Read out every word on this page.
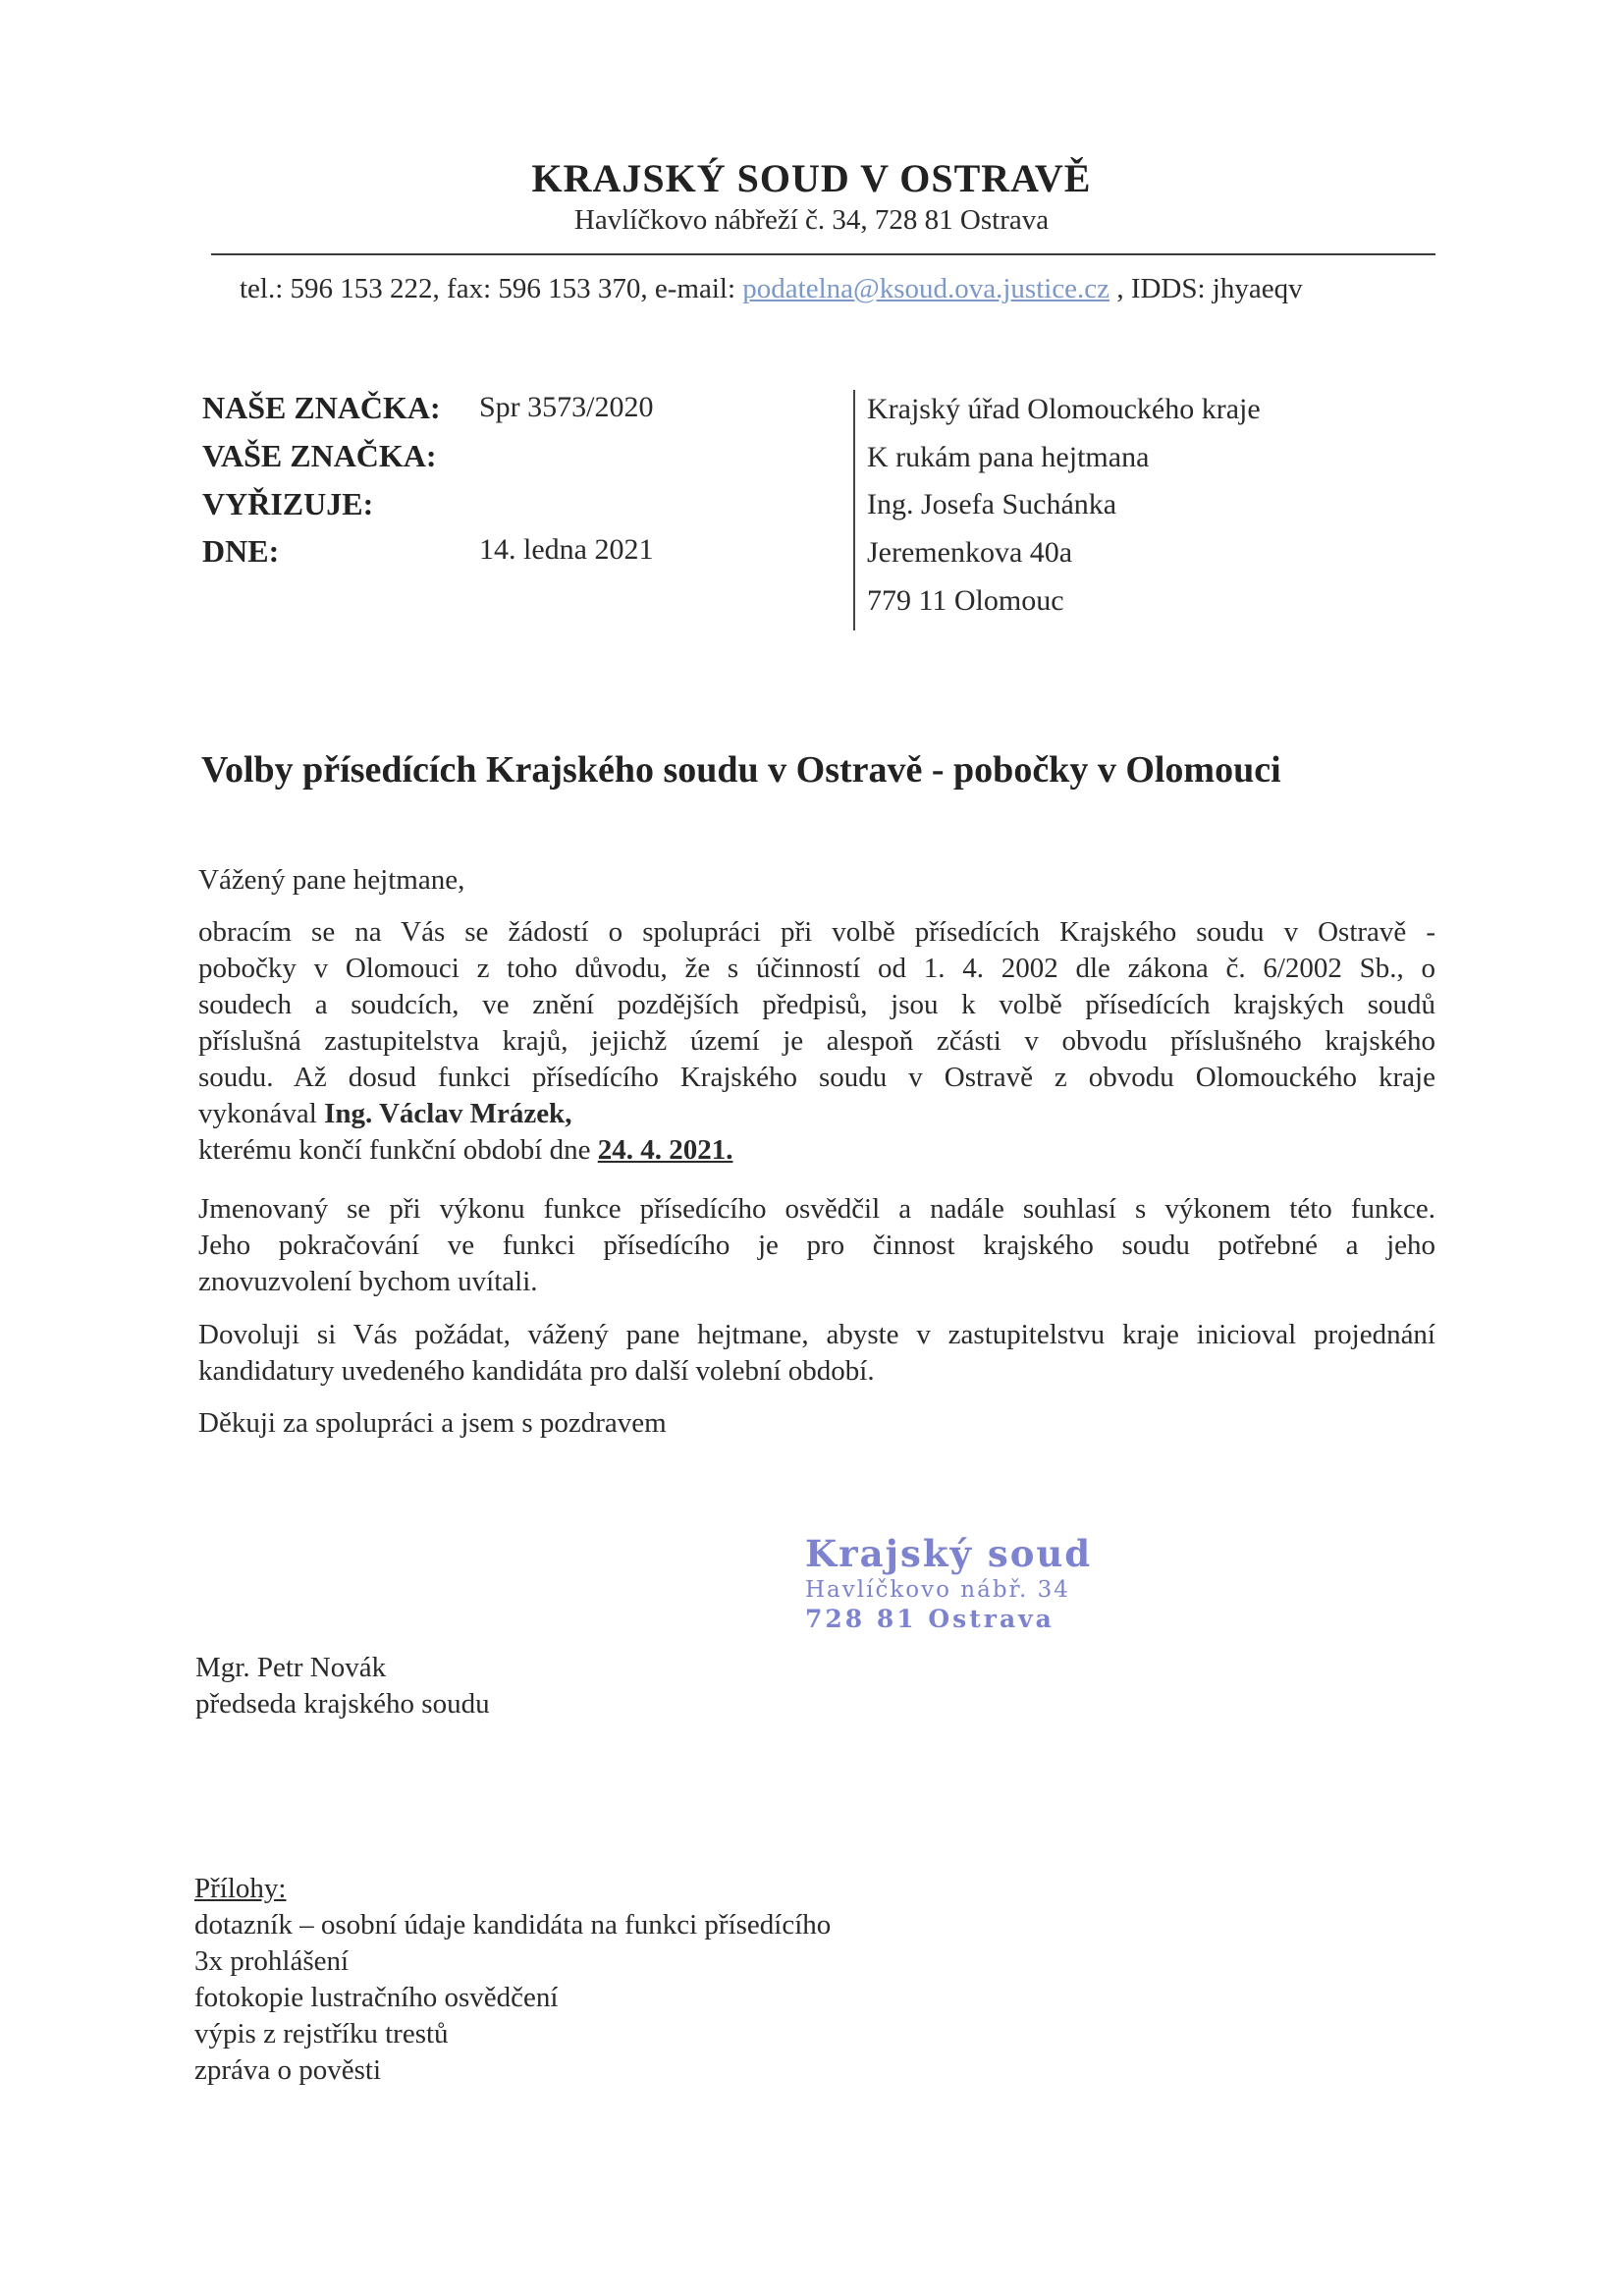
KRAJSKÝ SOUD V OSTRAVĚ
Havlíčkovo nábřeží č. 34, 728 81 Ostrava
tel.: 596 153 222, fax: 596 153 370, e-mail: podatelna@ksoud.ova.justice.cz , IDDS: jhyaeqv
NAŠE ZNAČKA: Spr 3573/2020
VAŠE ZNAČKA:
VYŘIZUJE:
DNE:	14. ledna 2021
Krajský úřad Olomouckého kraje
K rukám pana hejtmana
Ing. Josefa Suchánka
Jeremenkova 40a
779 11 Olomouc
Volby přísedících Krajského soudu v Ostravě - pobočky v Olomouci
Vážený pane hejtmane,
obracím se na Vás se žádostí o spolupráci při volbě přísedících Krajského soudu v Ostravě -
pobočky v Olomouci z toho důvodu, že s účinností od 1. 4. 2002 dle zákona č. 6/2002 Sb., o
soudech a soudcích, ve znění pozdějších předpisů, jsou k volbě přísedících krajských soudů
příslušná zastupitelstva krajů, jejichž území je alespoň zčásti v obvodu příslušného krajského
soudu. Až dosud funkci přísedícího Krajského soudu v Ostravě z obvodu Olomouckého kraje
vykonával Ing. Václav Mrázek,
kterému končí funkční období dne 24. 4. 2021.
Jmenovaný se při výkonu funkce přísedícího osvědčil a nadále souhlasí s výkonem této funkce.
Jeho pokračování ve funkci přísedícího je pro činnost krajského soudu potřebné a jeho
znovuzvolení bychom uvítali.
Dovoluji si Vás požádat, vážený pane hejtmane, abyste v zastupitelstvu kraje inicioval projednání
kandidatury uvedeného kandidáta pro další volební období.
Děkuji za spolupráci a jsem s pozdravem
Krajský soud
Havlíčkovo nábř. 34
728 81 Ostrava
Mgr. Petr Novák
předseda krajského soudu
Přílohy:
dotazník – osobní údaje kandidáta na funkci přísedícího
3x prohlášení
fotokopie lustračního osvědčení
výpis z rejstříku trestů
zpráva o pověsti
